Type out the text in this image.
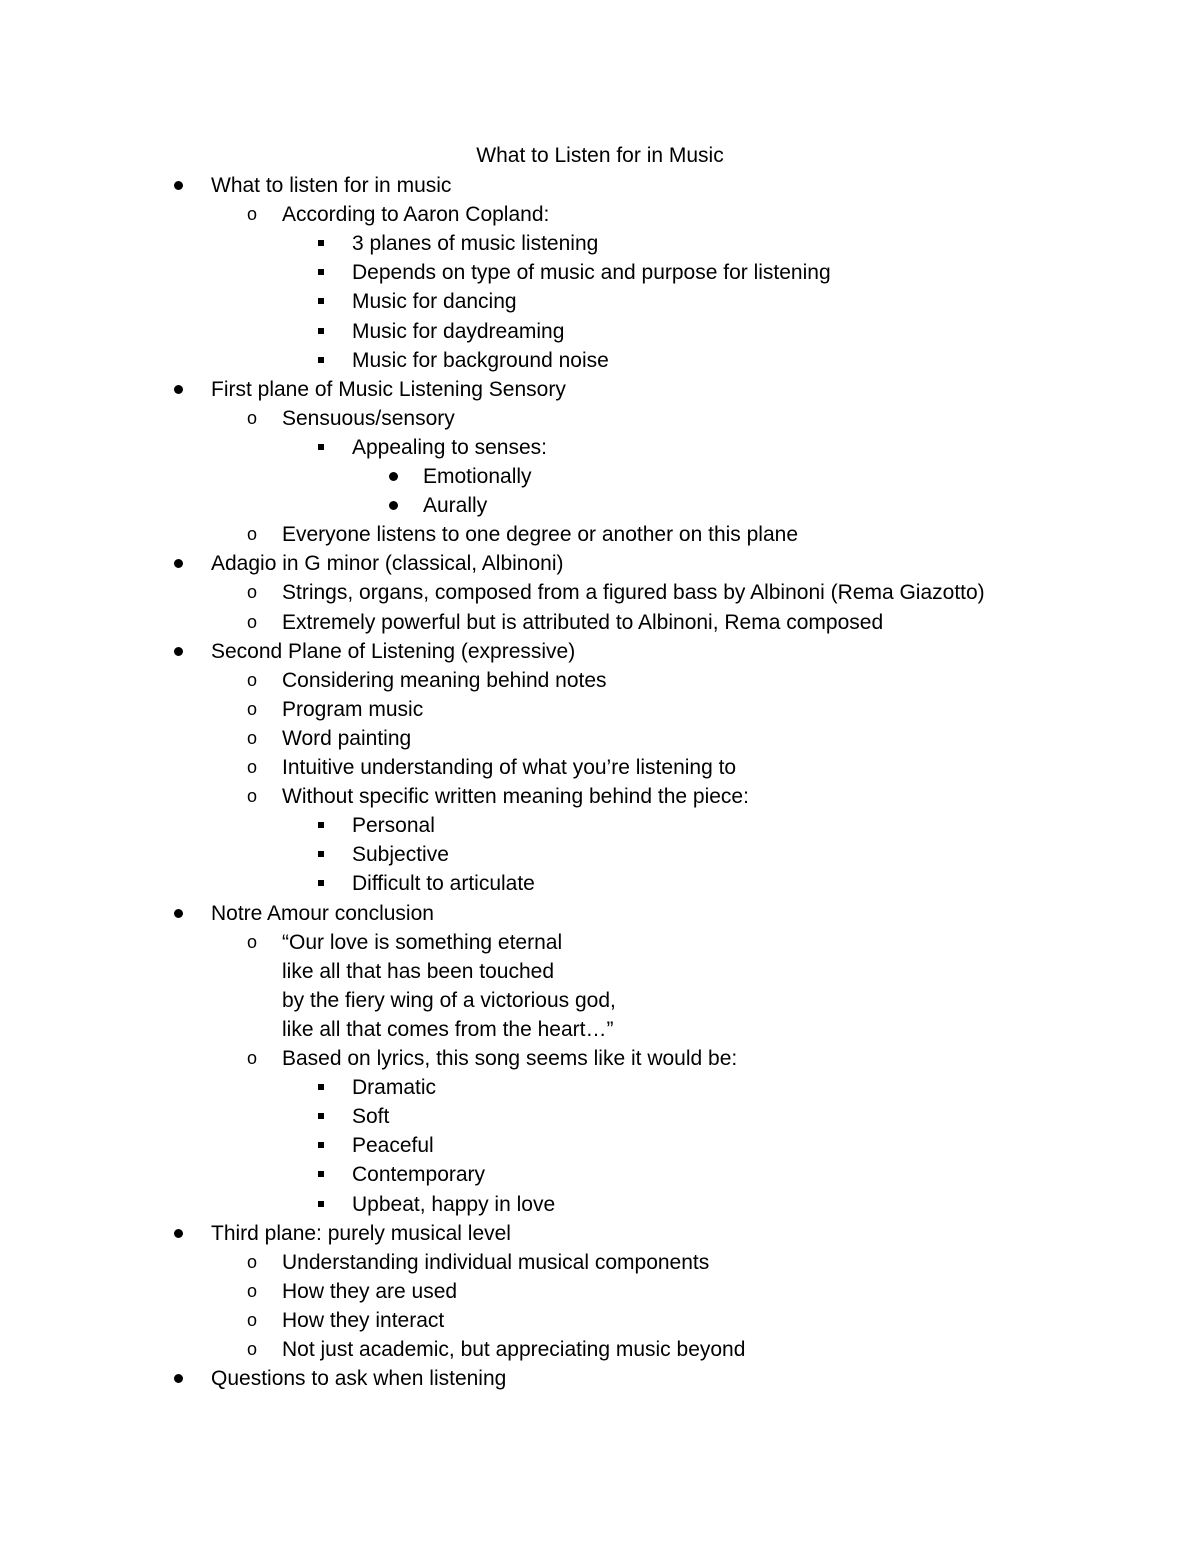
What to Listen for in Music
What to listen for in music
o According to Aaron Copland:
3 planes of music listening
Depends on type of music and purpose for listening
Music for dancing
Music for daydreaming
Music for background noise
First plane of Music Listening Sensory
o Sensuous/sensory
Appealing to senses:
Emotionally
Aurally
o Everyone listens to one degree or another on this plane
Adagio in G minor (classical, Albinoni)
o Strings, organs, composed from a figured bass by Albinoni (Rema Giazotto)
o Extremely powerful but is attributed to Albinoni, Rema composed
Second Plane of Listening (expressive)
o Considering meaning behind notes
o Program music
o Word painting
o Intuitive understanding of what you’re listening to
o Without specific written meaning behind the piece:
Personal
Subjective
Difficult to articulate
Notre Amour conclusion
o “Our love is something eternal
like all that has been touched
by the fiery wing of a victorious god,
like all that comes from the heart…”
o Based on lyrics, this song seems like it would be:
Dramatic
Soft
Peaceful
Contemporary
Upbeat, happy in love
Third plane: purely musical level
o Understanding individual musical components
o How they are used
o How they interact
o Not just academic, but appreciating music beyond
Questions to ask when listening
